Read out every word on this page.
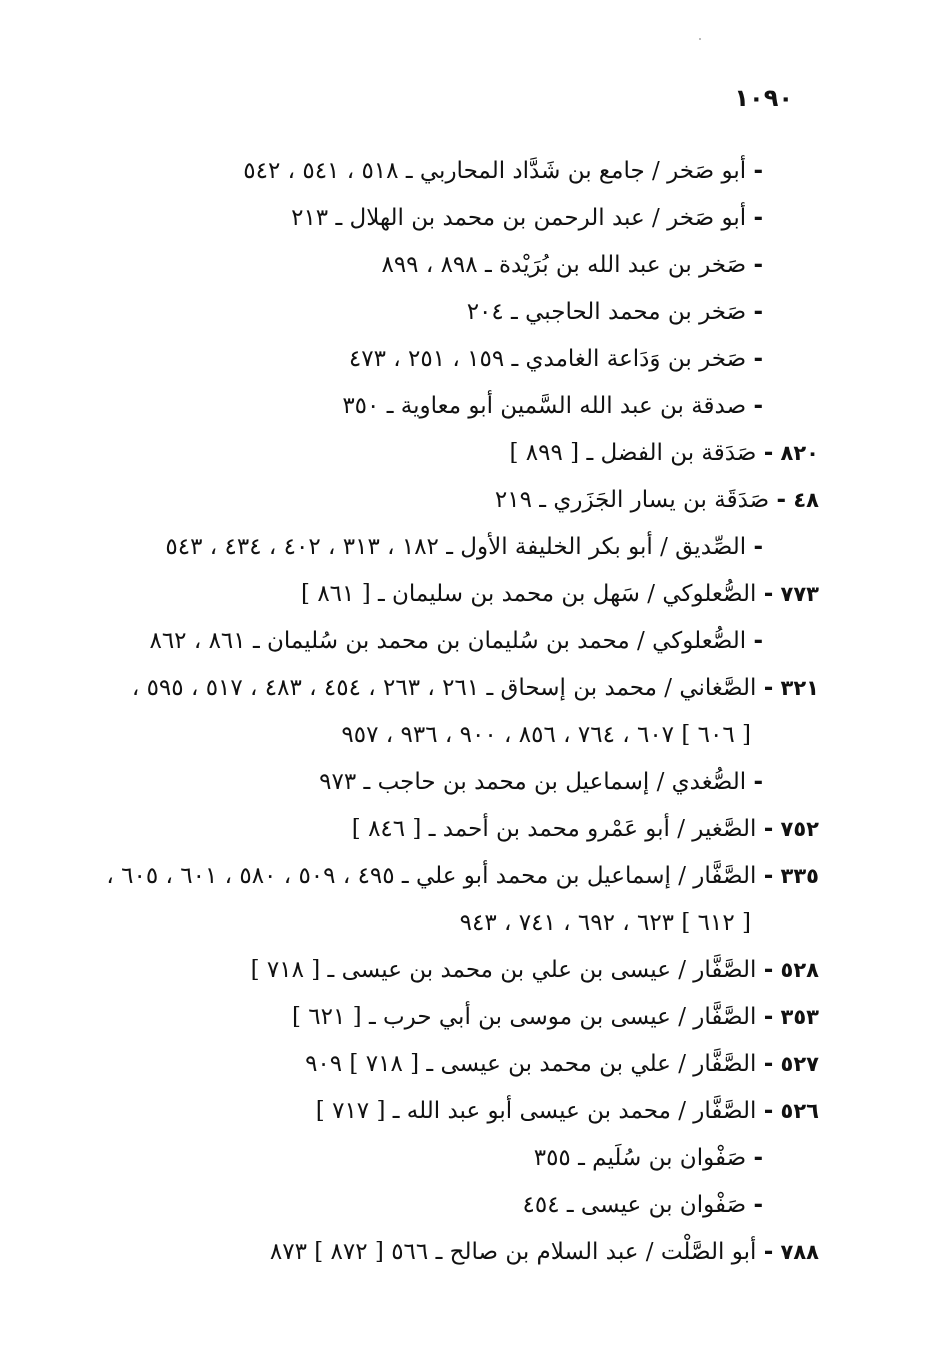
١٠٩٠
- أبو صَخر / جامع بن شَدَّاد المحاربي ـ ٥١٨ ، ٥٤١ ، ٥٤٢
- أبو صَخر / عبد الرحمن بن محمد بن الهلال ـ ٢١٣
- صَخر بن عبد الله بن بُرَيْدة ـ ٨٩٨ ، ٨٩٩
- صَخر بن محمد الحاجبي ـ ٢٠٤
- صَخر بن وَدَاعة الغامدي ـ ١٥٩ ، ٢٥١ ، ٤٧٣
- صدقة بن عبد الله السَّمين أبو معاوية ـ ٣٥٠
٨٢٠ - صَدَقة بن الفضل ـ [ ٨٩٩ ]
٤٨ - صَدَقَة بن يسار الجَزَري ـ ٢١٩
- الصِّديق / أبو بكر الخليفة الأول ـ ١٨٢ ، ٣١٣ ، ٤٠٢ ، ٤٣٤ ، ٥٤٣
٧٧٣ - الصُّعلوكي / سَهل بن محمد بن سليمان ـ [ ٨٦١ ]
- الصُّعلوكي / محمد بن سُليمان بن محمد بن سُليمان ـ ٨٦١ ، ٨٦٢
٣٢١ - الصَّغاني / محمد بن إسحاق ـ ٢٦١ ، ٢٦٣ ، ٤٥٤ ، ٤٨٣ ، ٥١٧ ، ٥٩٥ ،
[ ٦٠٦ ] ٦٠٧ ، ٧٦٤ ، ٨٥٦ ، ٩٠٠ ، ٩٣٦ ، ٩٥٧
- الصُّغدي / إسماعيل بن محمد بن حاجب ـ ٩٧٣
٧٥٢ - الصَّغير / أبو عَمْرو محمد بن أحمد ـ [ ٨٤٦ ]
٣٣٥ - الصَّفَّار / إسماعيل بن محمد أبو علي ـ ٤٩٥ ، ٥٠٩ ، ٥٨٠ ، ٦٠١ ، ٦٠٥ ،
[ ٦١٢ ] ٦٢٣ ، ٦٩٢ ، ٧٤١ ، ٩٤٣
٥٢٨ - الصَّفَّار / عيسى بن علي بن محمد بن عيسى ـ [ ٧١٨ ]
٣٥٣ - الصَّفَّار / عيسى بن موسى بن أبي حرب ـ [ ٦٢١ ]
٥٢٧ - الصَّفَّار / علي بن محمد بن عيسى ـ [ ٧١٨ ] ٩٠٩
٥٢٦ - الصَّفَّار / محمد بن عيسى أبو عبد الله ـ [ ٧١٧ ]
- صَفْوان بن سُلَيم ـ ٣٥٥
- صَفْوان بن عيسى ـ ٤٥٤
٧٨٨ - أبو الصَّلْت / عبد السلام بن صالح ـ ٥٦٦ [ ٨٧٢ ] ٨٧٣
